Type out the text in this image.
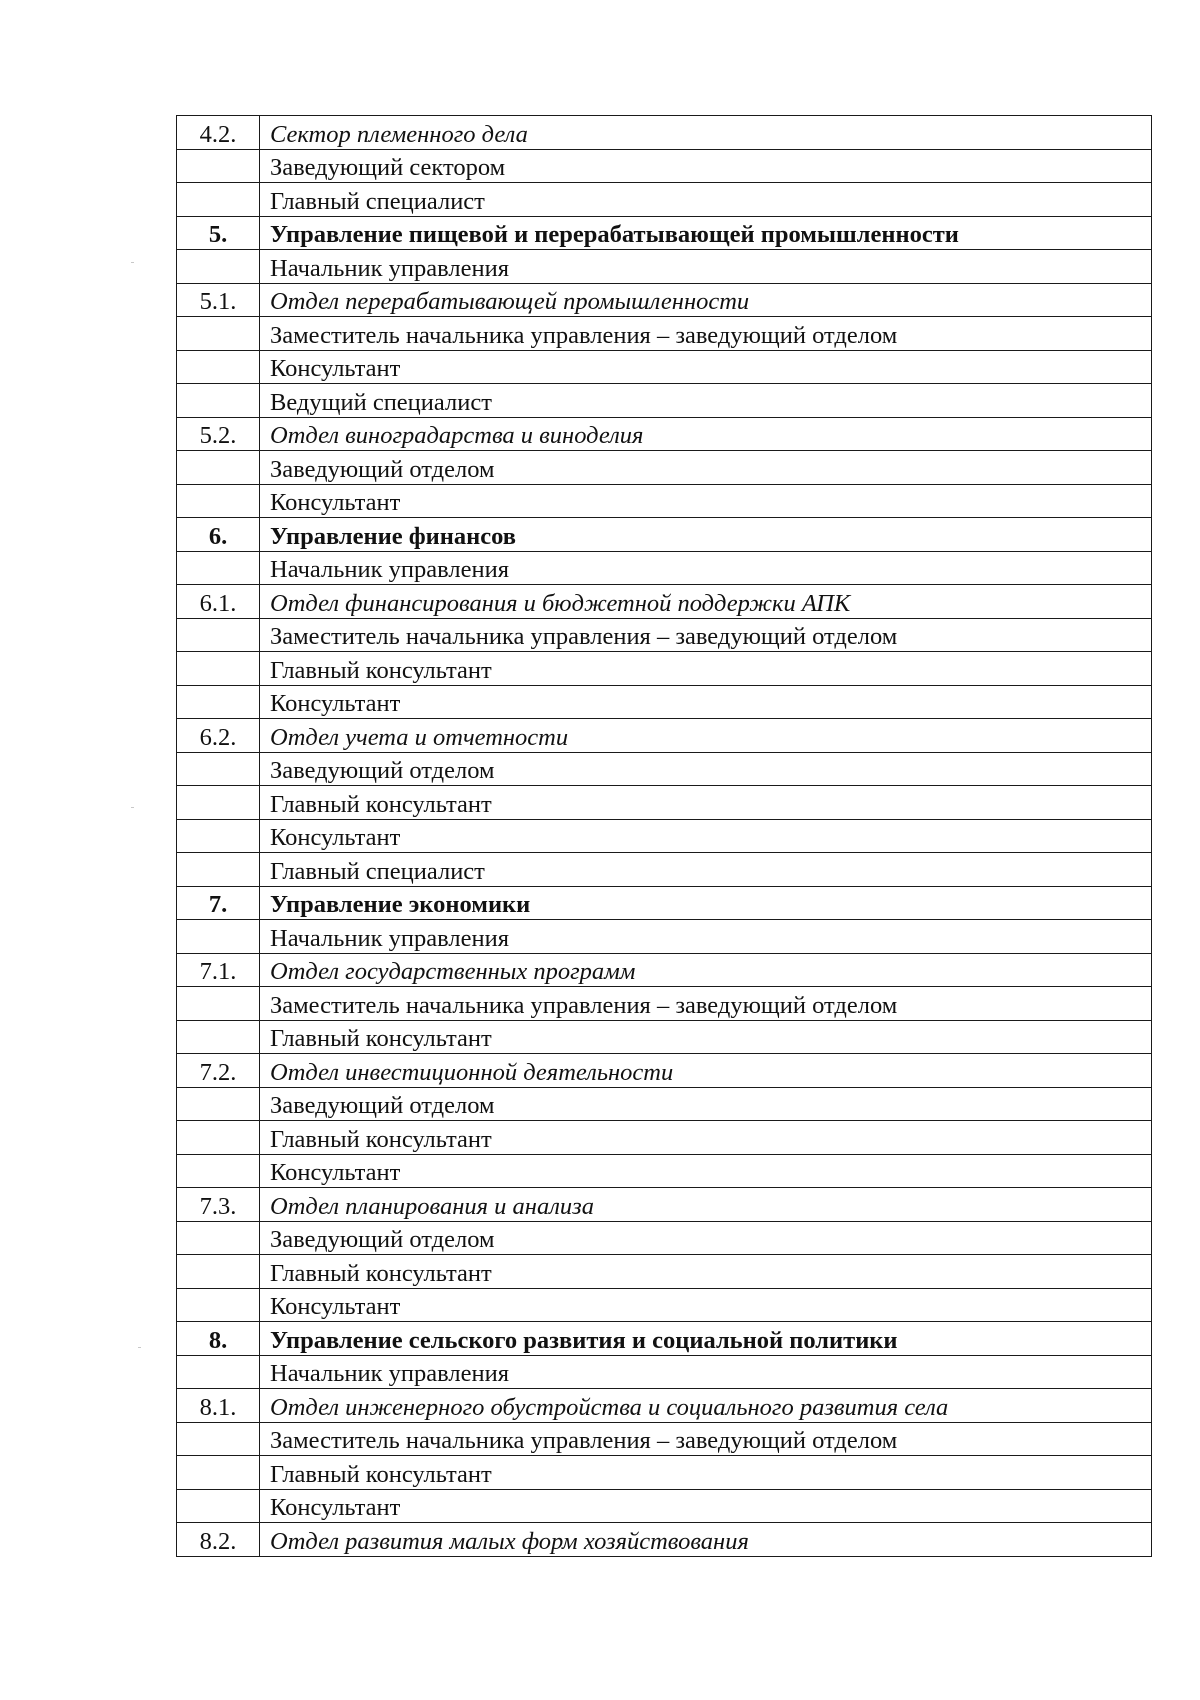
4.2.	Сектор племенного дела
	Заведующий сектором
	Главный специалист
5.	Управление пищевой и перерабатывающей промышленности
	Начальник управления
5.1.	Отдел перерабатывающей промышленности
	Заместитель начальника управления – заведующий отделом
	Консультант
	Ведущий специалист
5.2.	Отдел виноградарства и виноделия
	Заведующий отделом
	Консультант
6.	Управление финансов
	Начальник управления
6.1.	Отдел финансирования и бюджетной поддержки АПК
	Заместитель начальника управления – заведующий отделом
	Главный консультант
	Консультант
6.2.	Отдел учета и отчетности
	Заведующий отделом
	Главный консультант
	Консультант
	Главный специалист
7.	Управление экономики
	Начальник управления
7.1.	Отдел государственных программ
	Заместитель начальника управления – заведующий отделом
	Главный консультант
7.2.	Отдел инвестиционной деятельности
	Заведующий отделом
	Главный консультант
	Консультант
7.3.	Отдел планирования и анализа
	Заведующий отделом
	Главный консультант
	Консультант
8.	Управление сельского развития и социальной политики
	Начальник управления
8.1.	Отдел инженерного обустройства и социального развития села
	Заместитель начальника управления – заведующий отделом
	Главный консультант
	Консультант
8.2.	Отдел развития малых форм хозяйствования
